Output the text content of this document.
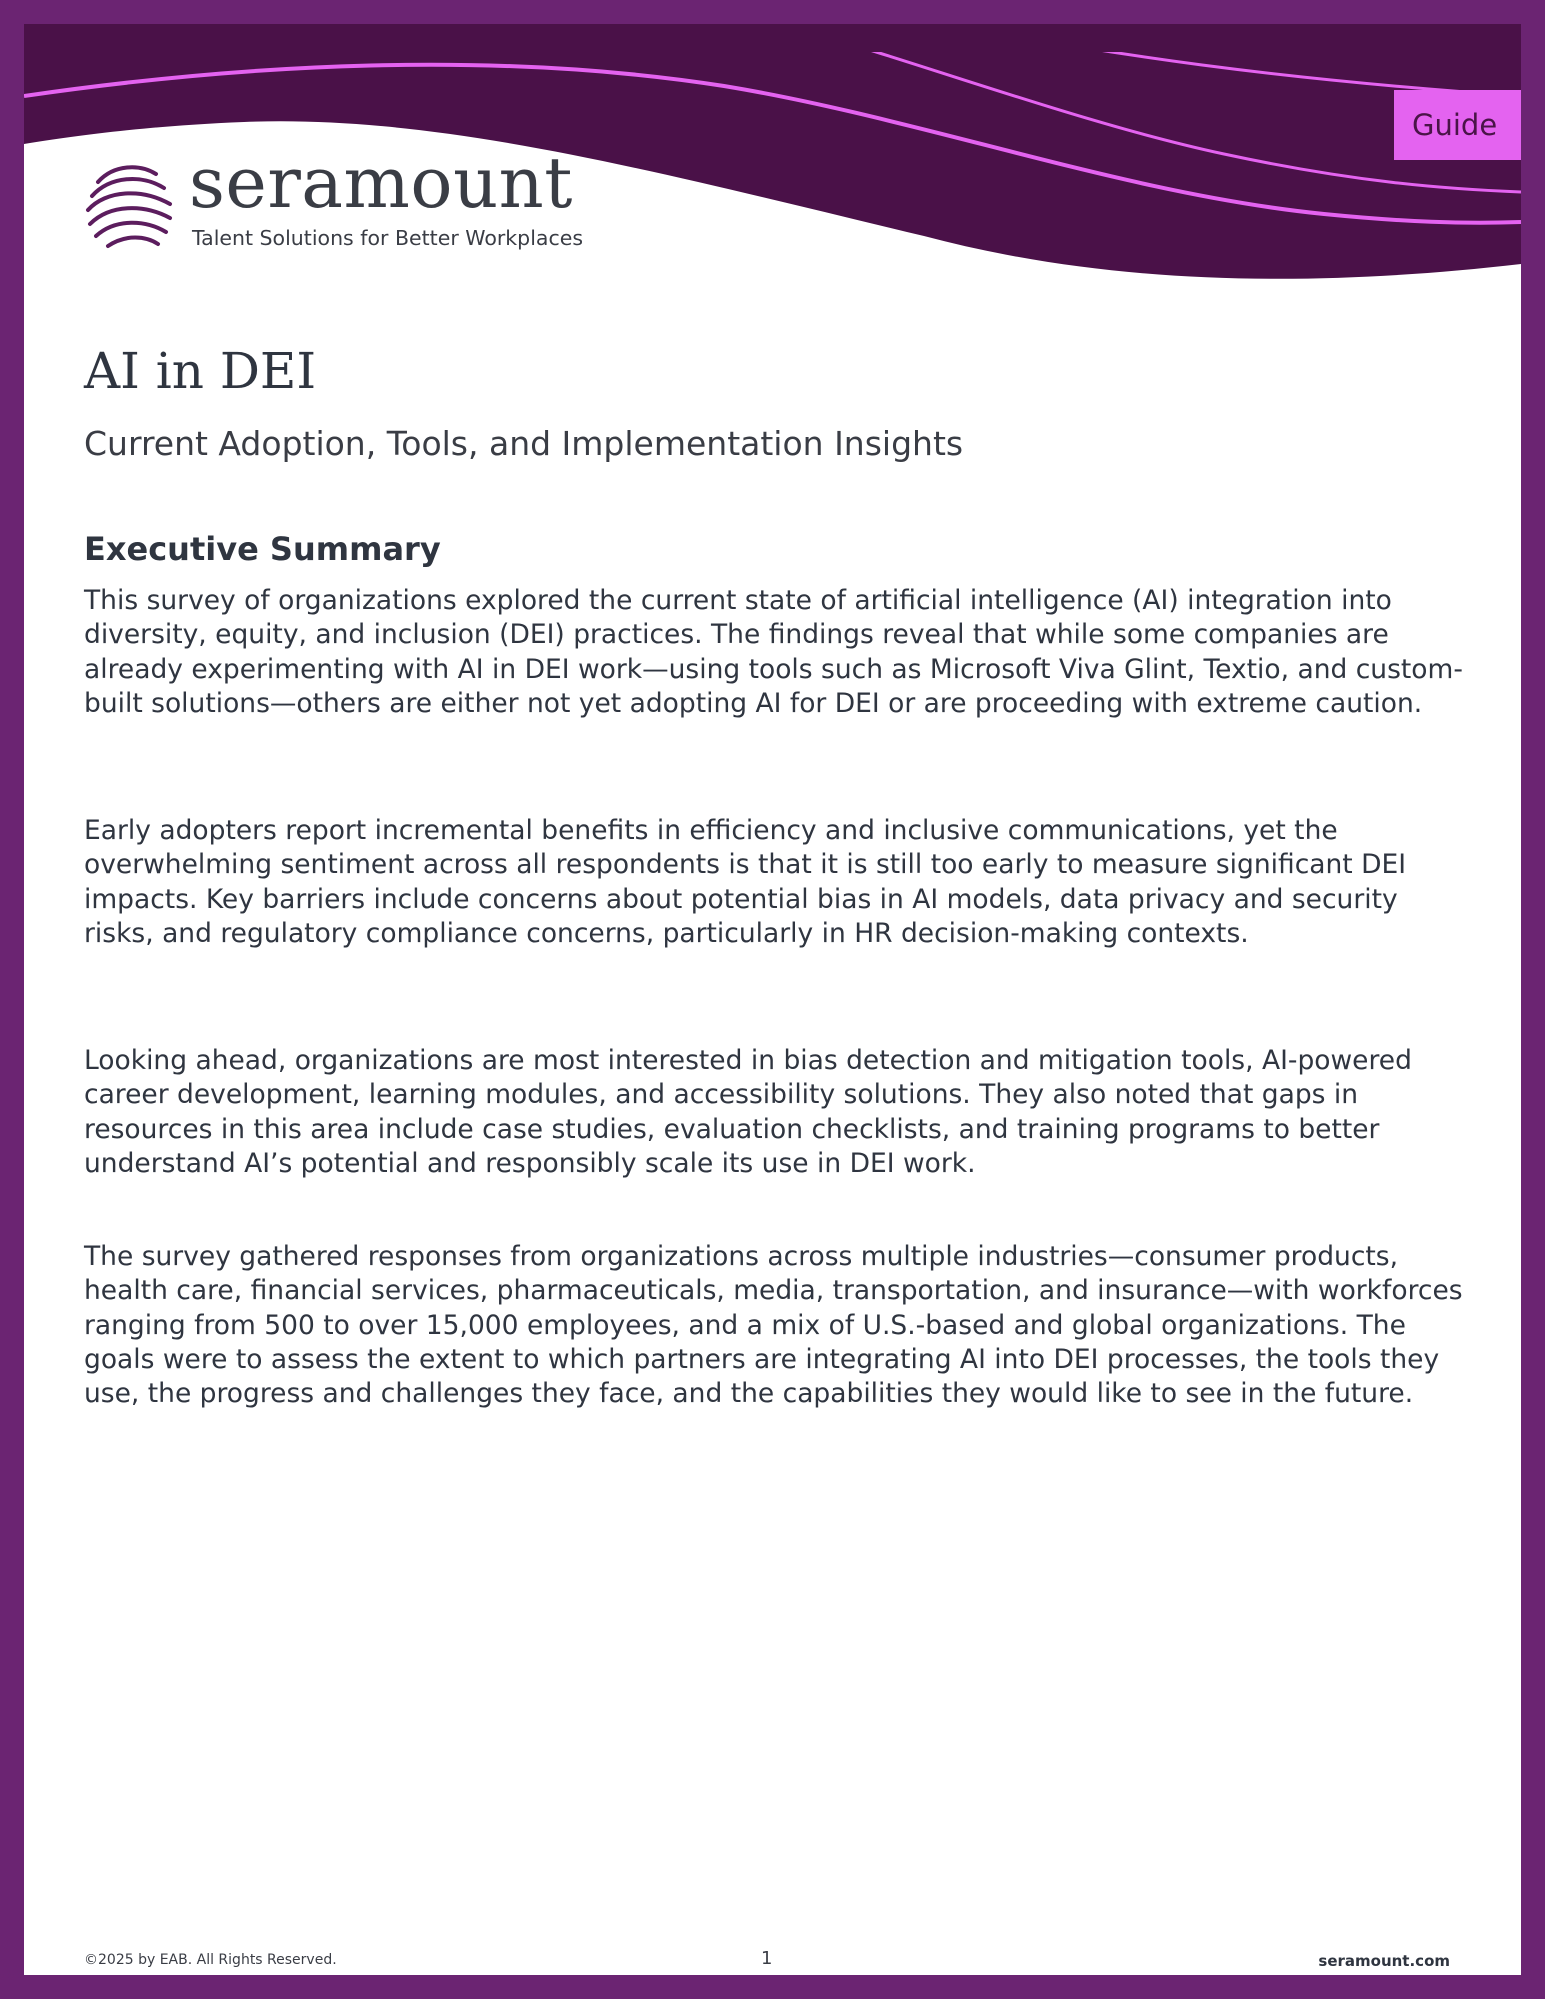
Guide
seramount
Talent Solutions for Better Workplaces
AI in DEI
Current Adoption, Tools, and Implementation Insights
Executive Summary

This survey of organizations explored the current state of artificial intelligence (AI) integration into diversity, equity, and inclusion (DEI) practices. The findings reveal that while some companies are already experimenting with AI in DEI work—using tools such as Microsoft Viva Glint, Textio, and custom-built solutions—others are either not yet adopting AI for DEI or are proceeding with extreme caution.

Early adopters report incremental benefits in efficiency and inclusive communications, yet the overwhelming sentiment across all respondents is that it is still too early to measure significant DEI impacts. Key barriers include concerns about potential bias in AI models, data privacy and security risks, and regulatory compliance concerns, particularly in HR decision-making contexts.

Looking ahead, organizations are most interested in bias detection and mitigation tools, AI-powered career development, learning modules, and accessibility solutions. They also noted that gaps in resources in this area include case studies, evaluation checklists, and training programs to better understand AI’s potential and responsibly scale its use in DEI work.

The survey gathered responses from organizations across multiple industries—consumer products, health care, financial services, pharmaceuticals, media, transportation, and insurance—with workforces ranging from 500 to over 15,000 employees, and a mix of U.S.-based and global organizations. The goals were to assess the extent to which partners are integrating AI into DEI processes, the tools they use, the progress and challenges they face, and the capabilities they would like to see in the future.

©2025 by EAB. All Rights Reserved.	1	seramount.com
